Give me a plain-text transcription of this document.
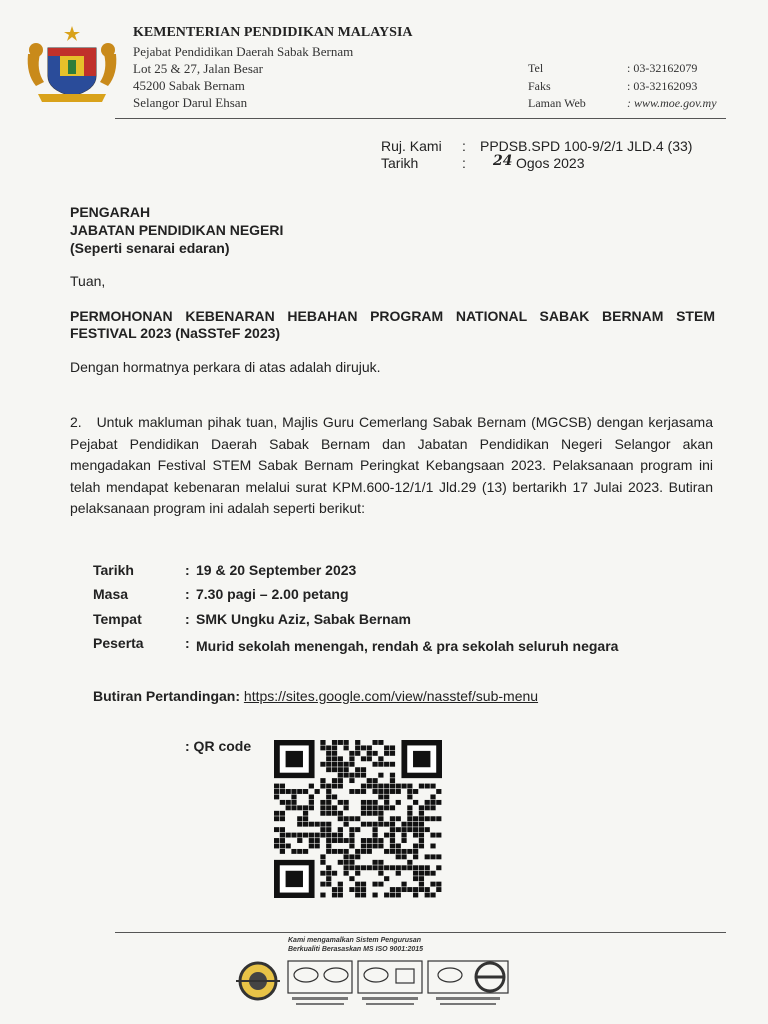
KEMENTERIAN PENDIDIKAN MALAYSIA
Pejabat Pendidikan Daerah Sabak Bernam
Lot 25 & 27, Jalan Besar
45200 Sabak Bernam
Selangor Darul Ehsan
Tel	: 03-32162079
Faks	: 03-32162093
Laman Web	: www.moe.gov.my
Ruj. Kami : PPDSB.SPD 100-9/2/1 JLD.4 (33)
Tarikh	: 24 Ogos 2023
PENGARAH
JABATAN PENDIDIKAN NEGERI
(Seperti senarai edaran)
Tuan,
PERMOHONAN KEBENARAN HEBAHAN PROGRAM NATIONAL SABAK BERNAM STEM FESTIVAL 2023 (NaSSTeF 2023)
Dengan hormatnya perkara di atas adalah dirujuk.
2.   Untuk makluman pihak tuan, Majlis Guru Cemerlang Sabak Bernam (MGCSB) dengan kerjasama Pejabat Pendidikan Daerah Sabak Bernam dan Jabatan Pendidikan Negeri Selangor akan mengadakan Festival STEM Sabak Bernam Peringkat Kebangsaan 2023. Pelaksanaan program ini telah mendapat kebenaran melalui surat KPM.600-12/1/1 Jld.29 (13) bertarikh 17 Julai 2023. Butiran pelaksanaan program ini adalah seperti berikut:
Tarikh	: 19 & 20 September 2023
Masa	: 7.30 pagi – 2.00 petang
Tempat	: SMK Ungku Aziz, Sabak Bernam
Peserta	: Murid sekolah menengah, rendah & pra sekolah seluruh negara
Butiran Pertandingan: https://sites.google.com/view/nasstef/sub-menu
: QR code
Kami mengamalkan Sistem Pengurusan
Berkualiti Berasaskan MS ISO 9001:2015
